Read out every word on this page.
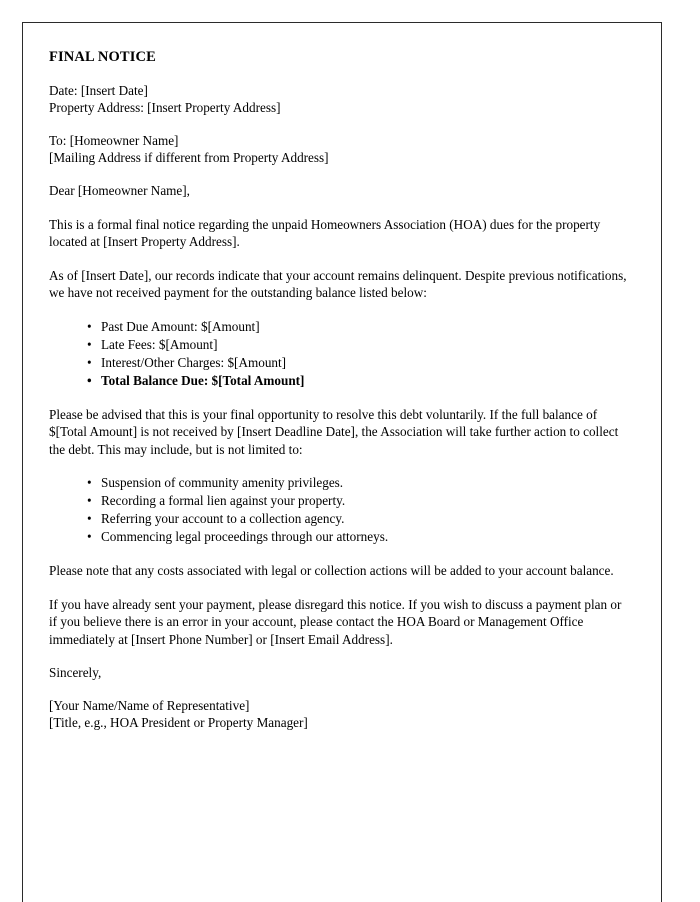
FINAL NOTICE
Date: [Insert Date]
Property Address: [Insert Property Address]
To: [Homeowner Name]
[Mailing Address if different from Property Address]

Dear [Homeowner Name],

This is a formal final notice regarding the unpaid Homeowners Association (HOA) dues for the property located at [Insert Property Address].

As of [Insert Date], our records indicate that your account remains delinquent. Despite previous notifications, we have not received payment for the outstanding balance listed below:

• Past Due Amount: $[Amount]
• Late Fees: $[Amount]
• Interest/Other Charges: $[Amount]
• Total Balance Due: $[Total Amount]

Please be advised that this is your final opportunity to resolve this debt voluntarily. If the full balance of $[Total Amount] is not received by [Insert Deadline Date], the Association will take further action to collect the debt. This may include, but is not limited to:

• Suspension of community amenity privileges.
• Recording a formal lien against your property.
• Referring your account to a collection agency.
• Commencing legal proceedings through our attorneys.

Please note that any costs associated with legal or collection actions will be added to your account balance.

If you have already sent your payment, please disregard this notice. If you wish to discuss a payment plan or if you believe there is an error in your account, please contact the HOA Board or Management Office immediately at [Insert Phone Number] or [Insert Email Address].

Sincerely,
[Your Name/Name of Representative]
[Title, e.g., HOA President or Property Manager]
